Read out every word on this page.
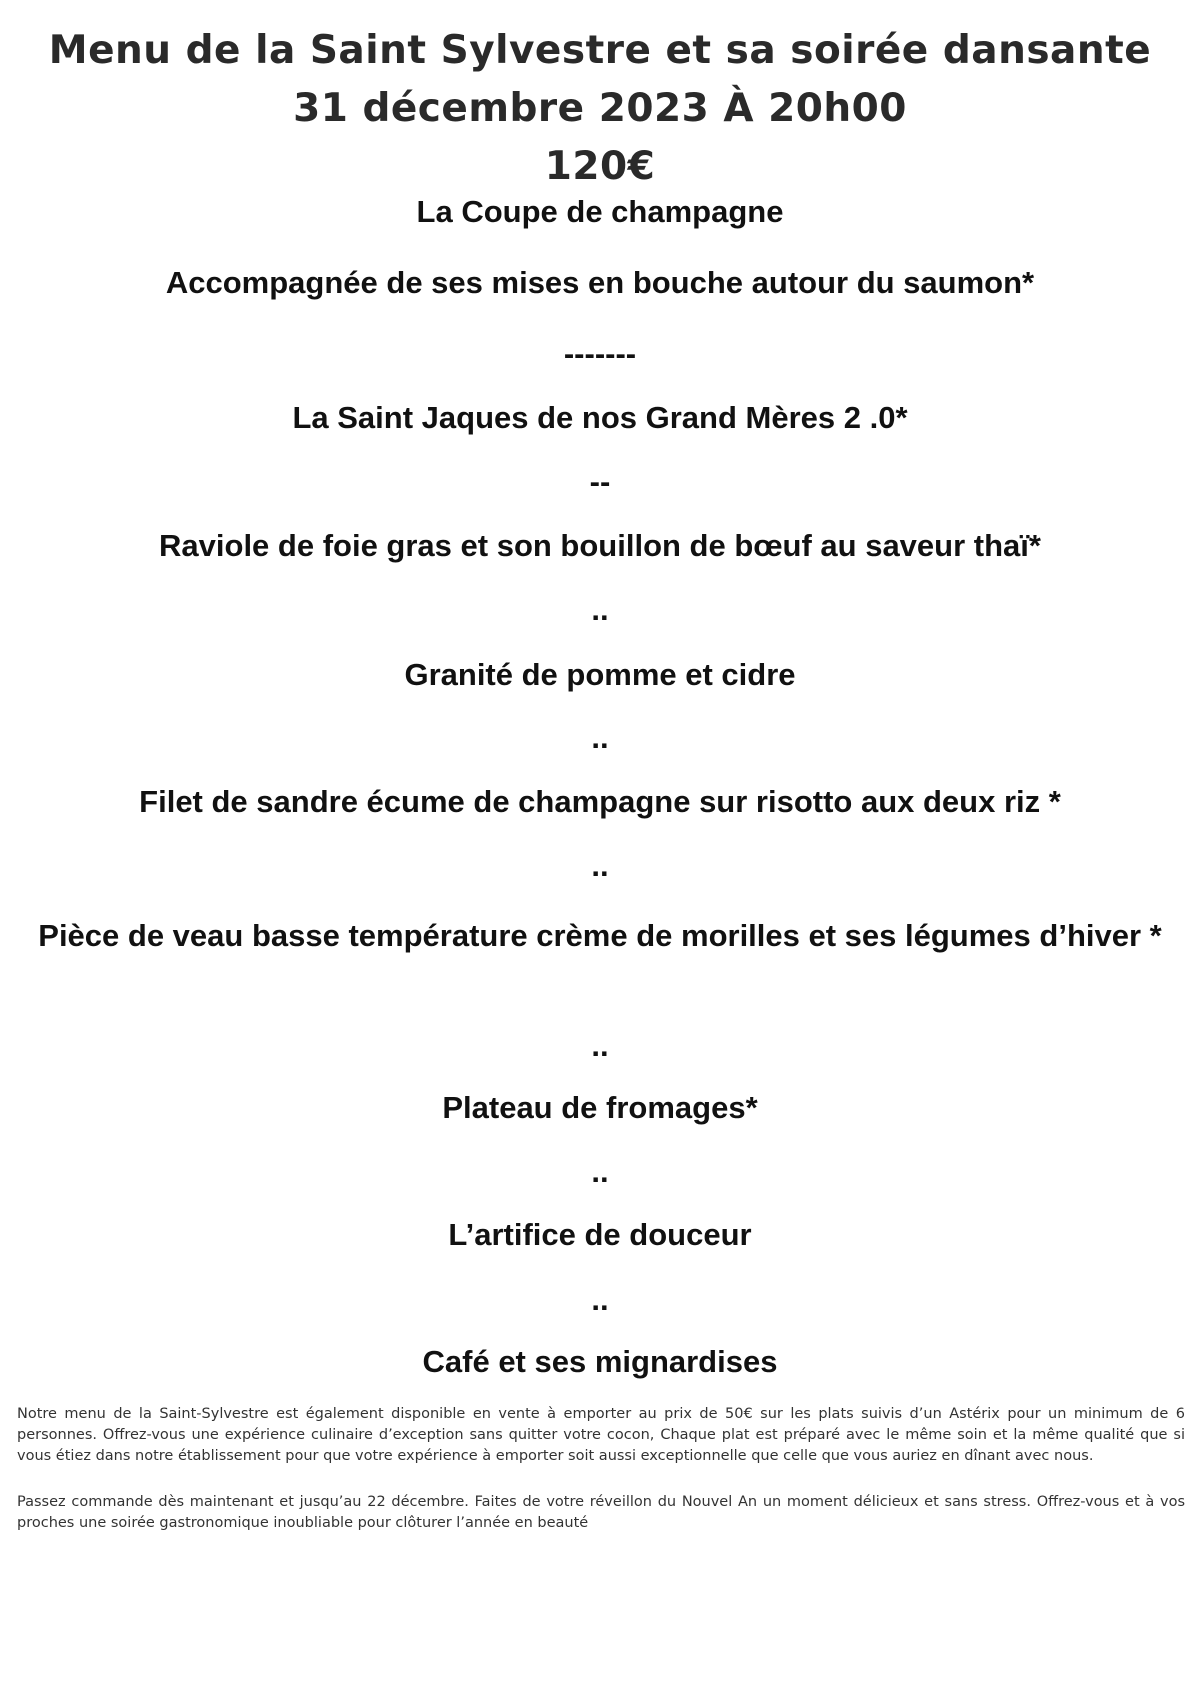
Menu de la Saint Sylvestre et sa soirée dansante
31 décembre 2023 À 20h00
120€
La Coupe de champagne
Accompagnée de ses mises en bouche autour du saumon*
-------
La Saint Jaques de nos Grand Mères 2 .0*
--
Raviole de foie gras et son bouillon de bœuf au saveur thaï*
..
Granité de pomme et cidre
..
Filet de sandre écume de champagne sur risotto aux deux riz *
..
Pièce de veau basse température crème de morilles et ses légumes d’hiver *
..
Plateau de fromages*
..
L’artifice de douceur
..
Café et ses mignardises
Notre menu de la Saint-Sylvestre est également disponible en vente à emporter au prix de 50€ sur les plats suivis d’un Astérix pour un minimum de 6 personnes. Offrez-vous une expérience culinaire d’exception sans quitter votre cocon, Chaque plat est préparé avec le même soin et la même qualité que si vous étiez dans notre établissement pour que votre expérience à emporter soit aussi exceptionnelle que celle que vous auriez en dînant avec nous.
Passez commande dès maintenant et jusqu’au 22 décembre. Faites de votre réveillon du Nouvel An un moment délicieux et sans stress. Offrez-vous et à vos proches une soirée gastronomique inoubliable pour clôturer l’année en beauté
